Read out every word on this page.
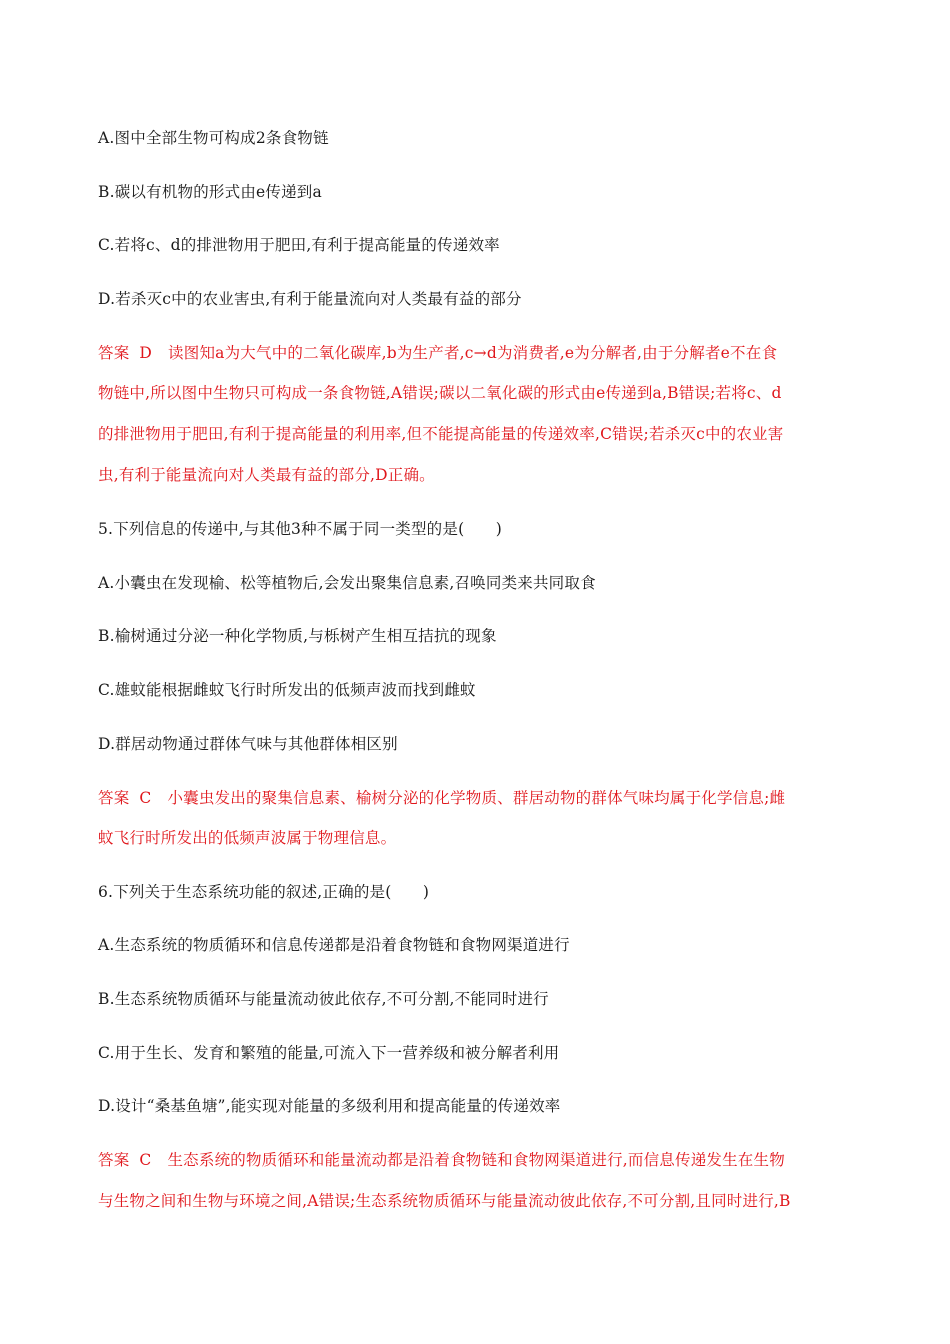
A.图中全部生物可构成2条食物链
B.碳以有机物的形式由e传递到a
C.若将c、d的排泄物用于肥田,有利于提高能量的传递效率
D.若杀灭c中的农业害虫,有利于能量流向对人类最有益的部分
答案 D 读图知a为大气中的二氧化碳库,b为生产者,c→d为消费者,e为分解者,由于分解者e不在食
物链中,所以图中生物只可构成一条食物链,A错误;碳以二氧化碳的形式由e传递到a,B错误;若将c、d
的排泄物用于肥田,有利于提高能量的利用率,但不能提高能量的传递效率,C错误;若杀灭c中的农业害
虫,有利于能量流向对人类最有益的部分,D正确。
5.下列信息的传递中,与其他3种不属于同一类型的是(　　)
A.小囊虫在发现榆、松等植物后,会发出聚集信息素,召唤同类来共同取食
B.榆树通过分泌一种化学物质,与栎树产生相互拮抗的现象
C.雄蚊能根据雌蚊飞行时所发出的低频声波而找到雌蚊
D.群居动物通过群体气味与其他群体相区别
答案 C 小囊虫发出的聚集信息素、榆树分泌的化学物质、群居动物的群体气味均属于化学信息;雌
蚊飞行时所发出的低频声波属于物理信息。
6.下列关于生态系统功能的叙述,正确的是(　　)
A.生态系统的物质循环和信息传递都是沿着食物链和食物网渠道进行
B.生态系统物质循环与能量流动彼此依存,不可分割,不能同时进行
C.用于生长、发育和繁殖的能量,可流入下一营养级和被分解者利用
D.设计“桑基鱼塘”,能实现对能量的多级利用和提高能量的传递效率
答案 C 生态系统的物质循环和能量流动都是沿着食物链和食物网渠道进行,而信息传递发生在生物
与生物之间和生物与环境之间,A错误;生态系统物质循环与能量流动彼此依存,不可分割,且同时进行,B
